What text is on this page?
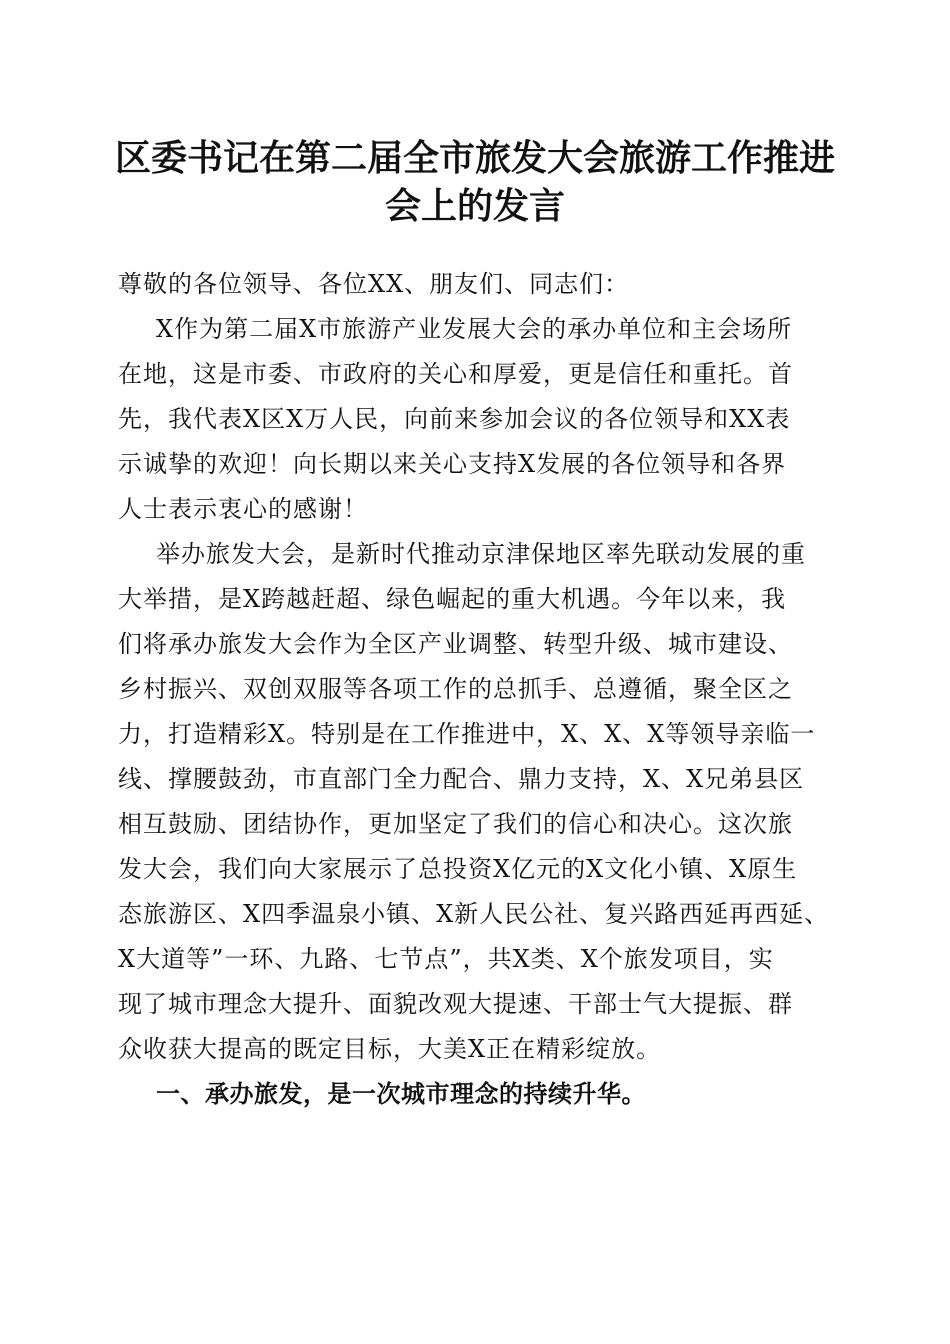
区委书记在第二届全市旅发大会旅游工作推进
会上的发言
尊敬的各位领导、各位XX、朋友们、同志们：
X作为第二届X市旅游产业发展大会的承办单位和主会场所
在地，这是市委、市政府的关心和厚爱，更是信任和重托。首
先，我代表X区X万人民，向前来参加会议的各位领导和XX表
示诚挚的欢迎！向长期以来关心支持X发展的各位领导和各界
人士表示衷心的感谢！
举办旅发大会，是新时代推动京津保地区率先联动发展的重
大举措，是X跨越赶超、绿色崛起的重大机遇。今年以来，我
们将承办旅发大会作为全区产业调整、转型升级、城市建设、
乡村振兴、双创双服等各项工作的总抓手、总遵循，聚全区之
力，打造精彩X。特别是在工作推进中，X、X、X等领导亲临一
线、撑腰鼓劲，市直部门全力配合、鼎力支持，X、X兄弟县区
相互鼓励、团结协作，更加坚定了我们的信心和决心。这次旅
发大会，我们向大家展示了总投资X亿元的X文化小镇、X原生
态旅游区、X四季温泉小镇、X新人民公社、复兴路西延再西延、
X大道等”一环、九路、七节点”，共X类、X个旅发项目，实
现了城市理念大提升、面貌改观大提速、干部士气大提振、群
众收获大提高的既定目标，大美X正在精彩绽放。
一、承办旅发，是一次城市理念的持续升华。
